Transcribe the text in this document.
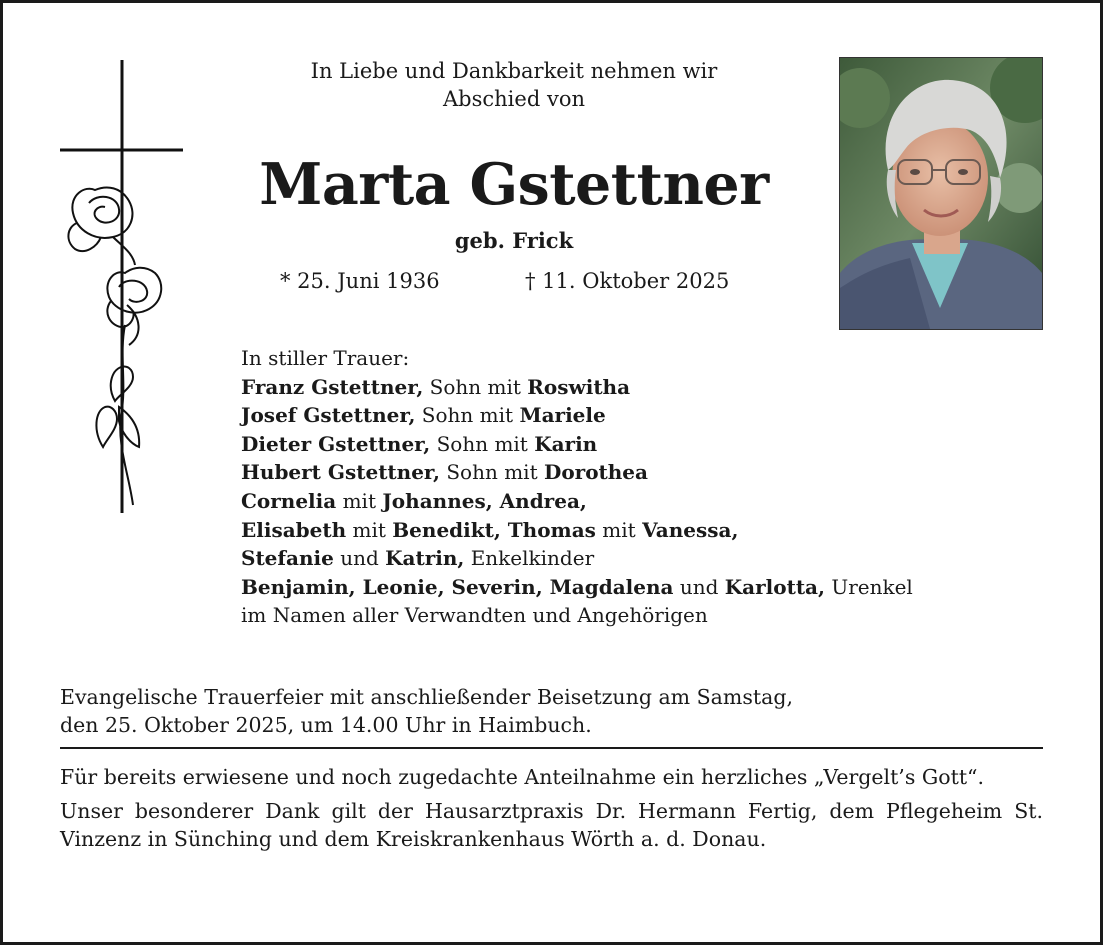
In Liebe und Dankbarkeit nehmen wir
Abschied von
Marta Gstettner
geb. Frick
* 25. Juni 1936	† 11. Oktober 2025
In stiller Trauer:
Franz Gstettner, Sohn mit Roswitha
Josef Gstettner, Sohn mit Mariele
Dieter Gstettner, Sohn mit Karin
Hubert Gstettner, Sohn mit Dorothea
Cornelia mit Johannes, Andrea,
Elisabeth mit Benedikt, Thomas mit Vanessa,
Stefanie und Katrin, Enkelkinder
Benjamin, Leonie, Severin, Magdalena und Karlotta, Urenkel
im Namen aller Verwandten und Angehörigen
Evangelische Trauerfeier mit anschließender Beisetzung am Samstag,
den 25. Oktober 2025, um 14.00 Uhr in Haimbuch.

Für bereits erwiesene und noch zugedachte Anteilnahme ein herzliches „Vergelt’s Gott“.

Unser besonderer Dank gilt der Hausarztpraxis Dr. Hermann Fertig, dem Pflegeheim St. Vinzenz in Sünching und dem Kreiskrankenhaus Wörth a. d. Donau.
